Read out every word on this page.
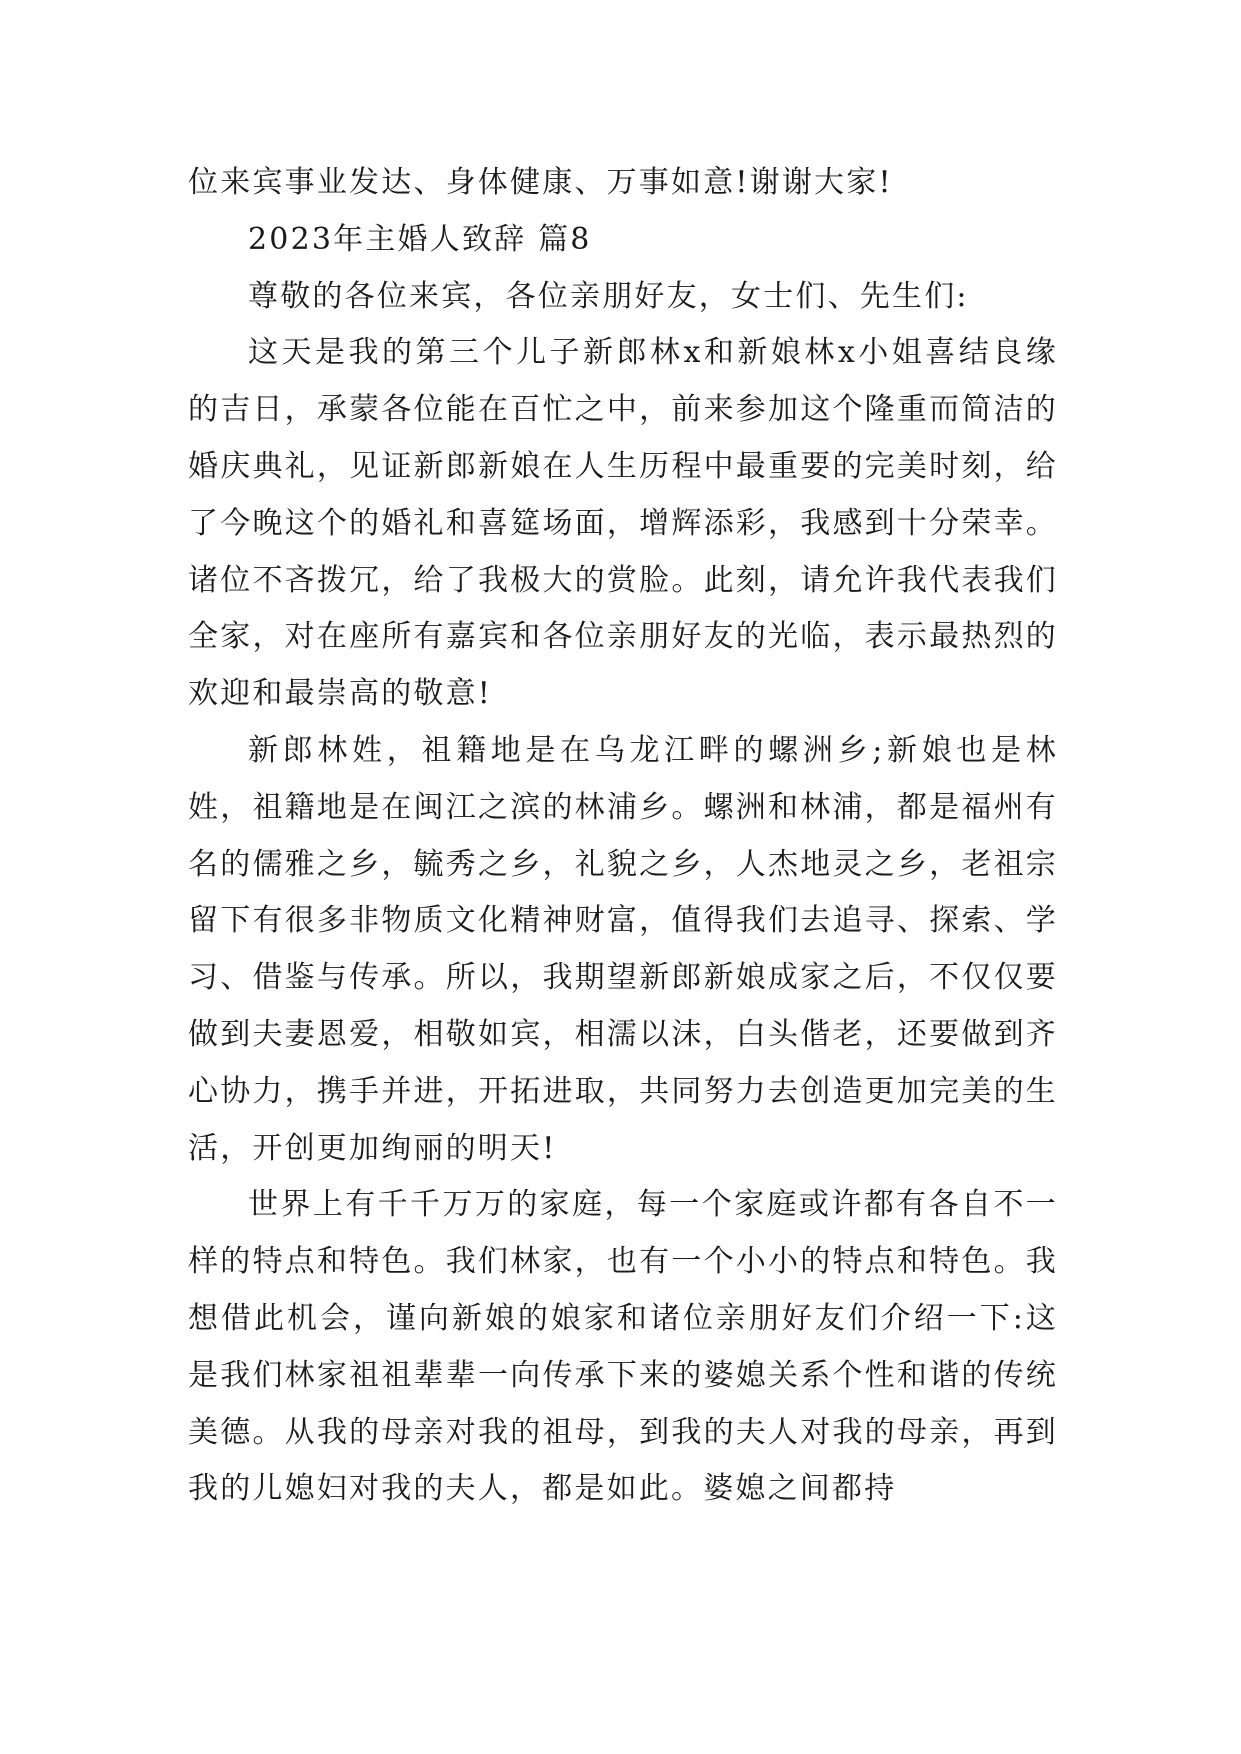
位来宾事业发达、身体健康、万事如意!谢谢大家!

2023年主婚人致辞 篇8

尊敬的各位来宾，各位亲朋好友，女士们、先生们:

这天是我的第三个儿子新郎林x和新娘林x小姐喜结良缘的吉日，承蒙各位能在百忙之中，前来参加这个隆重而简洁的婚庆典礼，见证新郎新娘在人生历程中最重要的完美时刻，给了今晚这个的婚礼和喜筵场面，增辉添彩，我感到十分荣幸。诸位不吝拨冗，给了我极大的赏脸。此刻，请允许我代表我们全家，对在座所有嘉宾和各位亲朋好友的光临，表示最热烈的欢迎和最崇高的敬意!

新郎林姓，祖籍地是在乌龙江畔的螺洲乡;新娘也是林姓，祖籍地是在闽江之滨的林浦乡。螺洲和林浦，都是福州有名的儒雅之乡，毓秀之乡，礼貌之乡，人杰地灵之乡，老祖宗留下有很多非物质文化精神财富，值得我们去追寻、探索、学习、借鉴与传承。所以，我期望新郎新娘成家之后，不仅仅要做到夫妻恩爱，相敬如宾，相濡以沫，白头偕老，还要做到齐心协力，携手并进，开拓进取，共同努力去创造更加完美的生活，开创更加绚丽的明天!

世界上有千千万万的家庭，每一个家庭或许都有各自不一样的特点和特色。我们林家，也有一个小小的特点和特色。我想借此机会，谨向新娘的娘家和诸位亲朋好友们介绍一下:这是我们林家祖祖辈辈一向传承下来的婆媳关系个性和谐的传统美德。从我的母亲对我的祖母，到我的夫人对我的母亲，再到我的儿媳妇对我的夫人，都是如此。婆媳之间都持
